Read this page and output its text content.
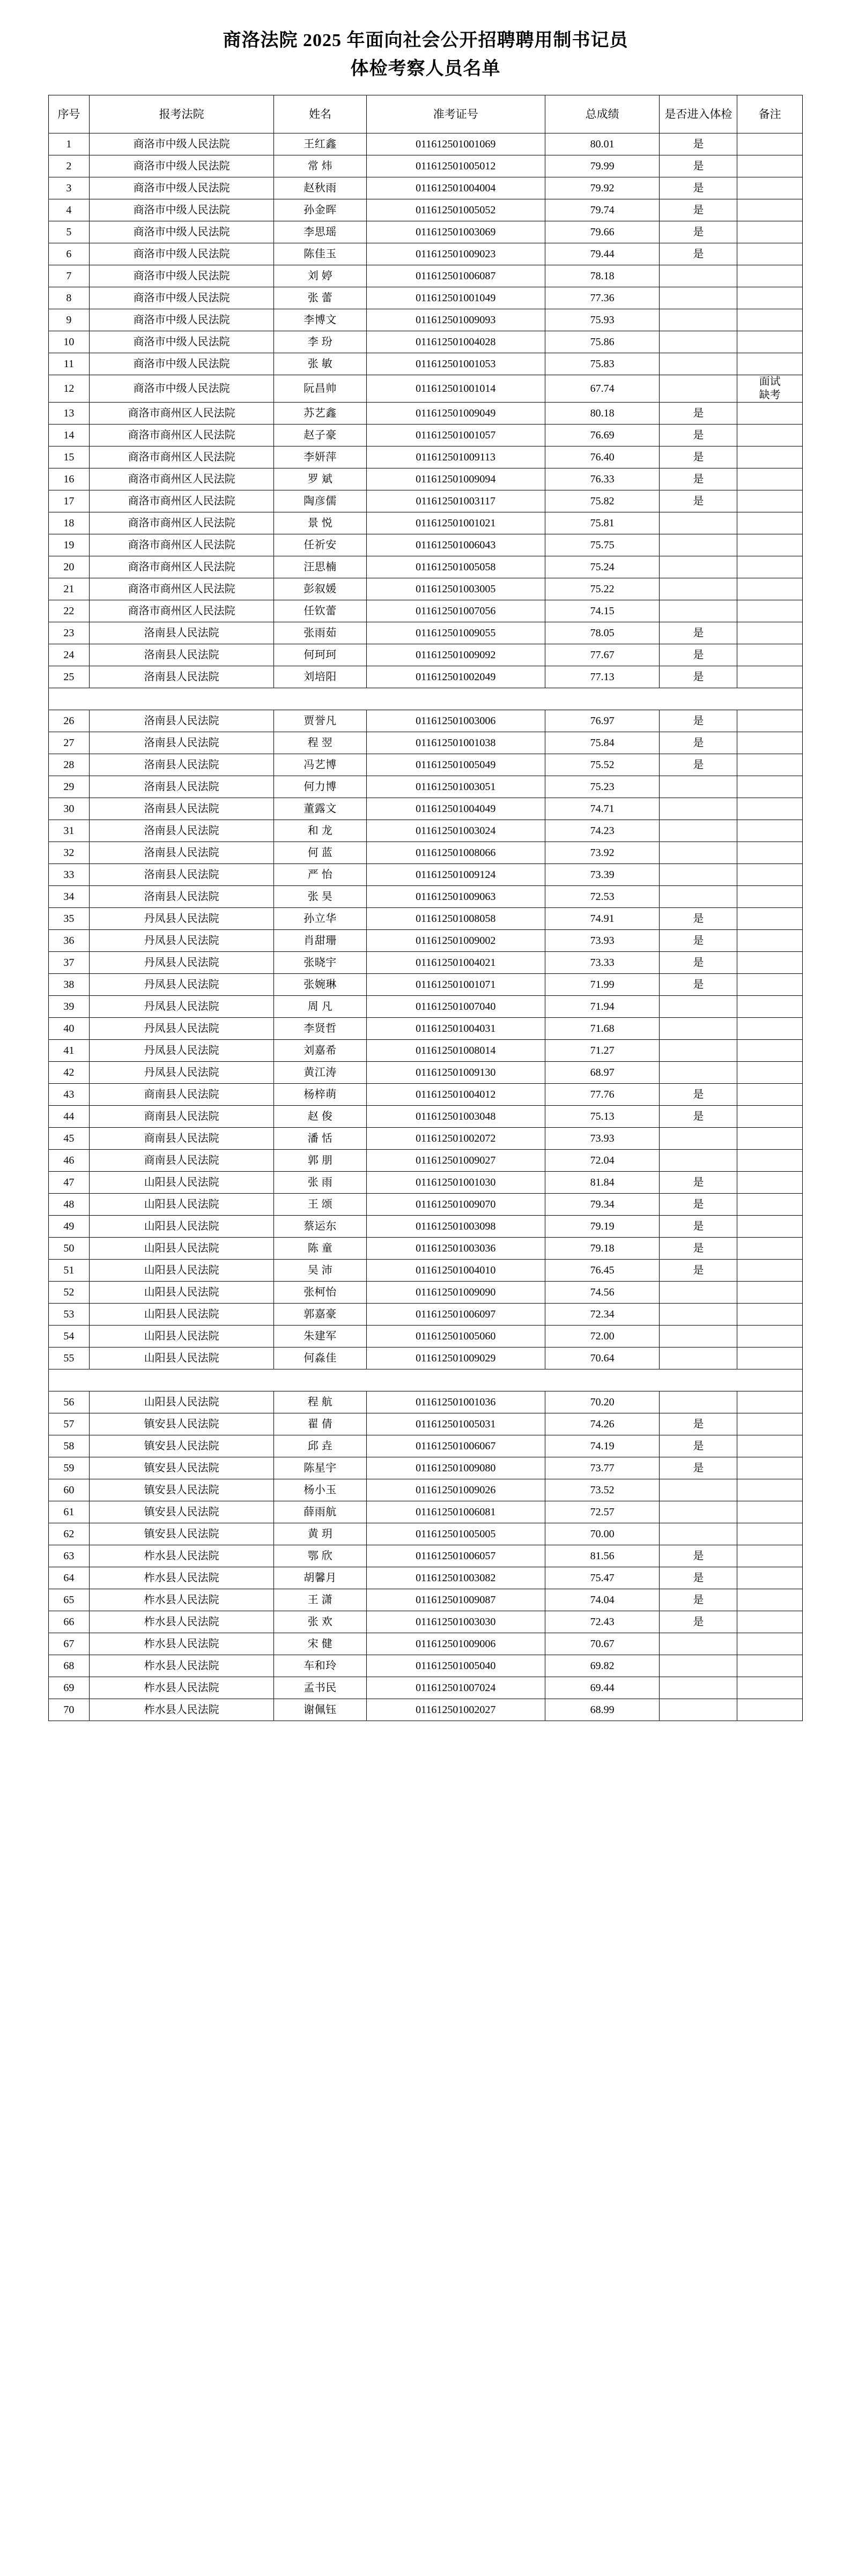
商洛法院 2025 年面向社会公开招聘聘用制书记员
体检考察人员名单
序号	报考法院	姓名	准考证号	总成绩	是否进入体检	备注
1	商洛市中级人民法院	王红鑫	011612501001069	80.01	是	
2	商洛市中级人民法院	常 炜	011612501005012	79.99	是	
3	商洛市中级人民法院	赵秋雨	011612501004004	79.92	是	
4	商洛市中级人民法院	孙金晖	011612501005052	79.74	是	
5	商洛市中级人民法院	李思瑶	011612501003069	79.66	是	
6	商洛市中级人民法院	陈佳玉	011612501009023	79.44	是	
7	商洛市中级人民法院	刘 婷	011612501006087	78.18		
8	商洛市中级人民法院	张 蕾	011612501001049	77.36		
9	商洛市中级人民法院	李博文	011612501009093	75.93		
10	商洛市中级人民法院	李 玢	011612501004028	75.86		
11	商洛市中级人民法院	张 敏	011612501001053	75.83		
12	商洛市中级人民法院	阮昌帅	011612501001014	67.74		面试
缺考

13	商洛市商州区人民法院	苏艺鑫	011612501009049	80.18	是	
14	商洛市商州区人民法院	赵子豪	011612501001057	76.69	是	
15	商洛市商州区人民法院	李妍萍	011612501009113	76.40	是	
16	商洛市商州区人民法院	罗 斌	011612501009094	76.33	是	
17	商洛市商州区人民法院	陶彦儒	011612501003117	75.82	是	
18	商洛市商州区人民法院	景 悦	011612501001021	75.81		
19	商洛市商州区人民法院	任祈安	011612501006043	75.75		
20	商洛市商州区人民法院	汪思楠	011612501005058	75.24		
21	商洛市商州区人民法院	彭叙媛	011612501003005	75.22		
22	商洛市商州区人民法院	任钦蕾	011612501007056	74.15		
23	洛南县人民法院	张雨茹	011612501009055	78.05	是	
24	洛南县人民法院	何珂珂	011612501009092	77.67	是	
25	洛南县人民法院	刘培阳	011612501002049	77.13	是	

26	洛南县人民法院	贾誉凡	011612501003006	76.97	是	
27	洛南县人民法院	程 翌	011612501001038	75.84	是	
28	洛南县人民法院	冯艺博	011612501005049	75.52	是	
29	洛南县人民法院	何力博	011612501003051	75.23		
30	洛南县人民法院	董露文	011612501004049	74.71		
31	洛南县人民法院	和 龙	011612501003024	74.23		
32	洛南县人民法院	何 蓝	011612501008066	73.92		
33	洛南县人民法院	严 怡	011612501009124	73.39		
34	洛南县人民法院	张 昊	011612501009063	72.53		
35	丹凤县人民法院	孙立华	011612501008058	74.91	是	
36	丹凤县人民法院	肖甜珊	011612501009002	73.93	是	
37	丹凤县人民法院	张晓宇	011612501004021	73.33	是	
38	丹凤县人民法院	张婉琳	011612501001071	71.99	是	
39	丹凤县人民法院	周 凡	011612501007040	71.94		
40	丹凤县人民法院	李贤哲	011612501004031	71.68		
41	丹凤县人民法院	刘嘉希	011612501008014	71.27		
42	丹凤县人民法院	黄江涛	011612501009130	68.97		
43	商南县人民法院	杨梓萌	011612501004012	77.76	是	
44	商南县人民法院	赵 俊	011612501003048	75.13	是	
45	商南县人民法院	潘 恬	011612501002072	73.93		
46	商南县人民法院	郭 朋	011612501009027	72.04		
47	山阳县人民法院	张 雨	011612501001030	81.84	是	
48	山阳县人民法院	王 颂	011612501009070	79.34	是	
49	山阳县人民法院	蔡运东	011612501003098	79.19	是	
50	山阳县人民法院	陈 童	011612501003036	79.18	是	
51	山阳县人民法院	吴 沛	011612501004010	76.45	是	
52	山阳县人民法院	张柯怡	011612501009090	74.56		
53	山阳县人民法院	郭嘉豪	011612501006097	72.34		
54	山阳县人民法院	朱建军	011612501005060	72.00		
55	山阳县人民法院	何淼佳	011612501009029	70.64		

56	山阳县人民法院	程 航	011612501001036	70.20		
57	镇安县人民法院	翟 倩	011612501005031	74.26	是	
58	镇安县人民法院	邱 垚	011612501006067	74.19	是	
59	镇安县人民法院	陈星宇	011612501009080	73.77	是	
60	镇安县人民法院	杨小玉	011612501009026	73.52		
61	镇安县人民法院	薛雨航	011612501006081	72.57		
62	镇安县人民法院	黄 玥	011612501005005	70.00		
63	柞水县人民法院	鄂 欣	011612501006057	81.56	是	
64	柞水县人民法院	胡馨月	011612501003082	75.47	是	
65	柞水县人民法院	王 潇	011612501009087	74.04	是	
66	柞水县人民法院	张 欢	011612501003030	72.43	是	
67	柞水县人民法院	宋 健	011612501009006	70.67		
68	柞水县人民法院	车和玲	011612501005040	69.82		
69	柞水县人民法院	孟书民	011612501007024	69.44		
70	柞水县人民法院	谢佩钰	011612501002027	68.99		
